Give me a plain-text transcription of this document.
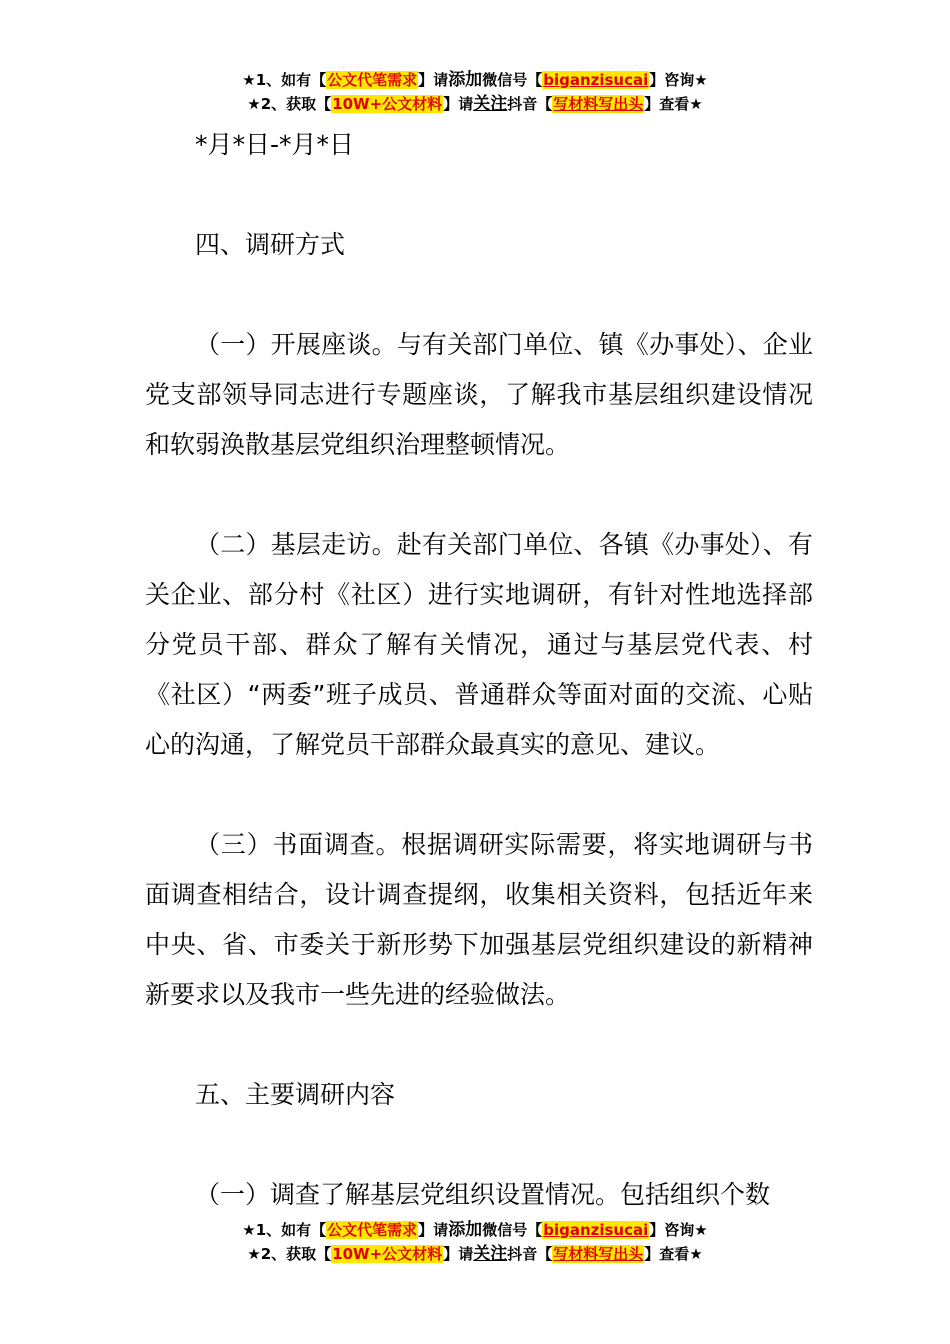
★1、如有【公文代笔需求】请添加微信号【biganzisucai】咨询★
★2、获取【10W+公文材料】请关注抖音【写材料写出头】查看★

*月*日-*月*日

四、调研方式

（一）开展座谈。与有关部门单位、镇《办事处）、企业党支部领导同志进行专题座谈，了解我市基层组织建设情况和软弱涣散基层党组织治理整顿情况。

（二）基层走访。赴有关部门单位、各镇《办事处）、有关企业、部分村《社区）进行实地调研，有针对性地选择部分党员干部、群众了解有关情况，通过与基层党代表、村《社区）“两委”班子成员、普通群众等面对面的交流、心贴心的沟通，了解党员干部群众最真实的意见、建议。

（三）书面调查。根据调研实际需要，将实地调研与书面调查相结合，设计调查提纲，收集相关资料，包括近年来中央、省、市委关于新形势下加强基层党组织建设的新精神新要求以及我市一些先进的经验做法。

五、主要调研内容

（一）调查了解基层党组织设置情况。包括组织个数

★1、如有【公文代笔需求】请添加微信号【biganzisucai】咨询★
★2、获取【10W+公文材料】请关注抖音【写材料写出头】查看★
